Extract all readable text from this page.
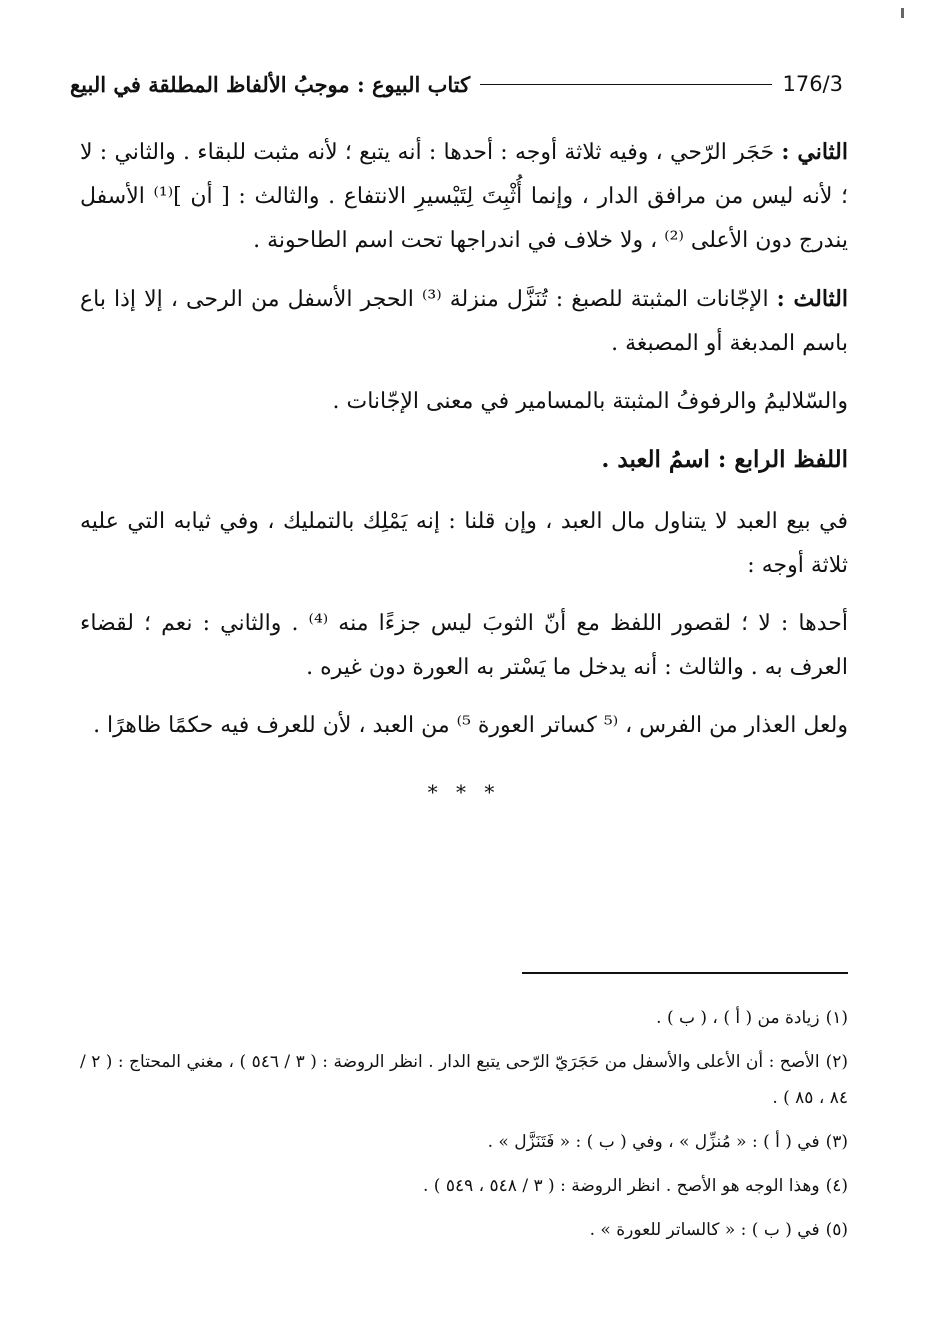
كتاب البيوع : موجبُ الألفاظ المطلقة في البيع	176/3

الثاني : حَجَر الرّحي ، وفيه ثلاثة أوجه : أحدها : أنه يتبع ؛ لأنه مثبت للبقاء . والثاني : لا ؛ لأنه ليس من مرافق الدار ، وإنما أُثْبِتَ لِتَيْسيرِ الانتفاع . والثالث : [ أن ]⁽¹⁾ الأسفل يندرج دون الأعلى ⁽²⁾ ، ولا خلاف في اندراجها تحت اسم الطاحونة .

الثالث : الإجّانات المثبتة للصبغ : تُنَزَّل منزلة ⁽³⁾ الحجر الأسفل من الرحى ، إلا إذا باع باسم المدبغة أو المصبغة .

والسّلاليمُ والرفوفُ المثبتة بالمسامير في معنى الإجّانات .

اللفظ الرابع : اسمُ العبد .

في بيع العبد لا يتناول مال العبد ، وإن قلنا : إنه يَمْلِك بالتمليك ، وفي ثيابه التي عليه ثلاثة أوجه :

أحدها : لا ؛ لقصور اللفظ مع أنّ الثوبَ ليس جزءًا منه ⁽⁴⁾ . والثاني : نعم ؛ لقضاء العرف به . والثالث : أنه يدخل ما يَسْتر به العورة دون غيره .

ولعل العذار من الفرس ، ⁽⁵ كساتر العورة ⁵⁾ من العبد ، لأن للعرف فيه حكمًا ظاهرًا .

* * *

(١)زيادة من ( أ ) ، ( ب ) .

(٢)الأصح : أن الأعلى والأسفل من حَجَرَيّ الرّحى يتبع الدار . انظر الروضة : ( ٣ / ٥٤٦ ) ، مغني المحتاج : ( ٢ / ٨٤ ، ٨٥ ) .

(٣)في ( أ ) : « مُنزِّل » ، وفي ( ب ) : « فَتَنَزَّل » .

(٤)وهذا الوجه هو الأصح . انظر الروضة : ( ٣ / ٥٤٨ ، ٥٤٩ ) .

(٥)في ( ب ) : « كالساتر للعورة » .
